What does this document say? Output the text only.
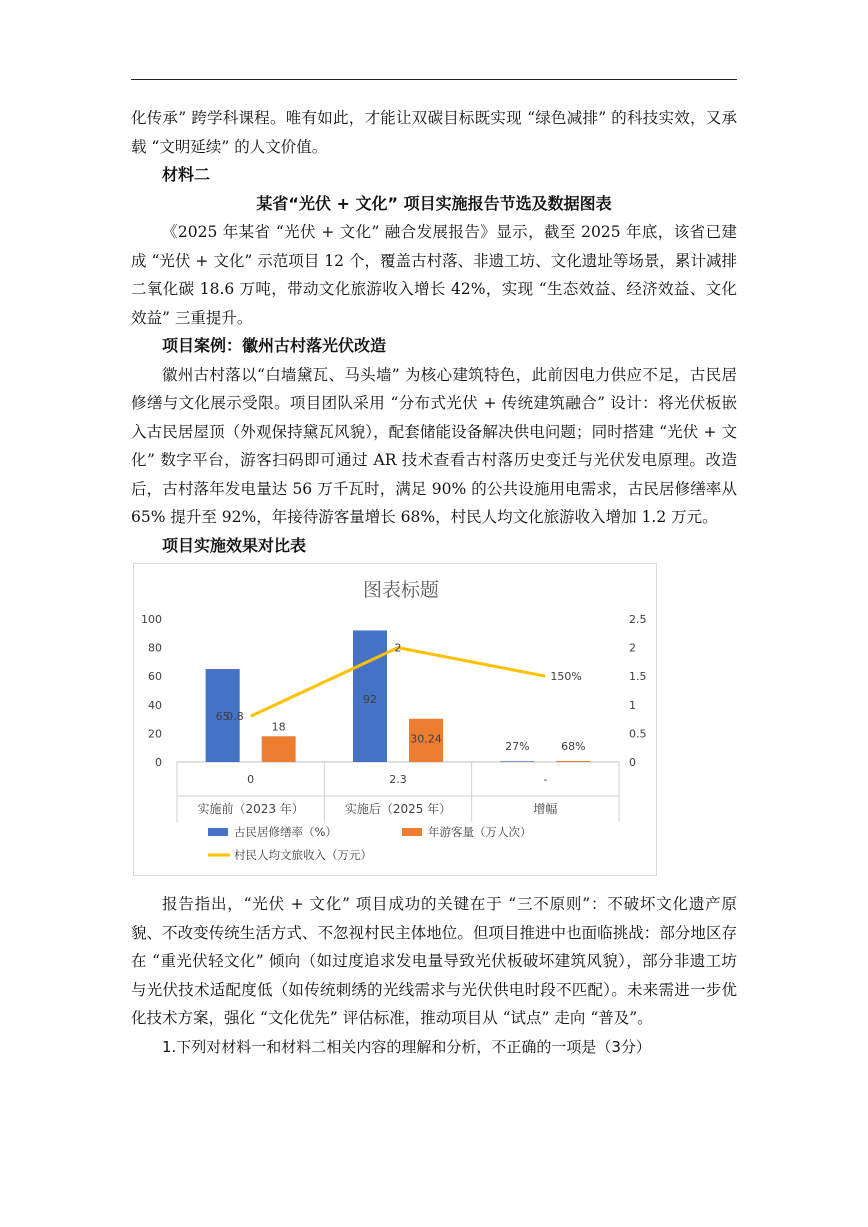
化传承” 跨学科课程。唯有如此，才能让双碳目标既实现 “绿色减排” 的科技实效，又承载 “文明延续” 的人文价值。

材料二

某省“光伏 + 文化” 项目实施报告节选及数据图表

《2025 年某省 “光伏 + 文化” 融合发展报告》显示，截至 2025 年底，该省已建成 “光伏 + 文化” 示范项目 12 个，覆盖古村落、非遗工坊、文化遗址等场景，累计减排二氧化碳 18.6 万吨，带动文化旅游收入增长 42%，实现 “生态效益、经济效益、文化效益” 三重提升。

项目案例：徽州古村落光伏改造

徽州古村落以“白墙黛瓦、马头墙” 为核心建筑特色，此前因电力供应不足，古民居修缮与文化展示受限。项目团队采用 “分布式光伏 + 传统建筑融合” 设计：将光伏板嵌入古民居屋顶（外观保持黛瓦风貌），配套储能设备解决供电问题；同时搭建 “光伏 + 文化” 数字平台，游客扫码即可通过 AR 技术查看古村落历史变迁与光伏发电原理。改造后，古村落年发电量达 56 万千瓦时，满足 90% 的公共设施用电需求，古民居修缮率从 65% 提升至 92%，年接待游客量增长 68%，村民人均文化旅游收入增加 1.2 万元。

项目实施效果对比表

图表标题
0
20
40
60
80
100
0
0.5
1
1.5
2
2.5
0
实施前（2023 年）
2.3
实施后（2025 年）
-
增幅
65
92
27%
18
30.24
68%
0.8
2
150%
古民居修缮率（%）	年游客量（万人次）
村民人均文旅收入（万元）

报告指出，“光伏 + 文化” 项目成功的关键在于 “三不原则”：不破坏文化遗产原貌、不改变传统生活方式、不忽视村民主体地位。但项目推进中也面临挑战：部分地区存在 “重光伏轻文化” 倾向（如过度追求发电量导致光伏板破坏建筑风貌），部分非遗工坊与光伏技术适配度低（如传统刺绣的光线需求与光伏供电时段不匹配）。未来需进一步优化技术方案，强化 “文化优先” 评估标准，推动项目从 “试点” 走向 “普及”。

1.下列对材料一和材料二相关内容的理解和分析，不正确的一项是（3分）
